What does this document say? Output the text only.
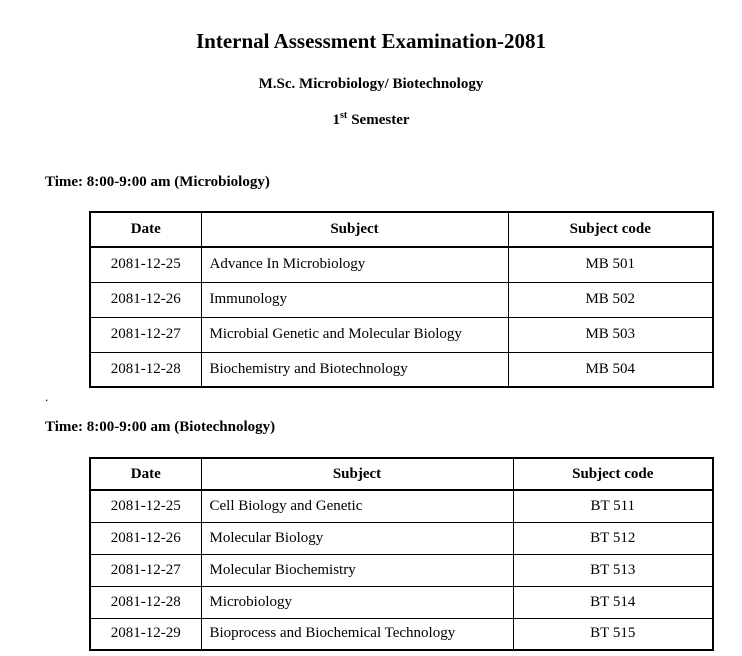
Internal Assessment Examination-2081
M.Sc. Microbiology/ Biotechnology
1st Semester
Time: 8:00-9:00 am (Microbiology)
Date	Subject	Subject code
2081-12-25	Advance In Microbiology	MB 501
2081-12-26	Immunology	MB 502
2081-12-27	Microbial Genetic and Molecular Biology	MB 503
2081-12-28	Biochemistry and Biotechnology	MB 504
.
Time: 8:00-9:00 am (Biotechnology)
Date	Subject	Subject code
2081-12-25	Cell Biology and Genetic	BT 511
2081-12-26	Molecular Biology	BT 512
2081-12-27	Molecular Biochemistry	BT 513
2081-12-28	Microbiology	BT 514
2081-12-29	Bioprocess and Biochemical Technology	BT 515
